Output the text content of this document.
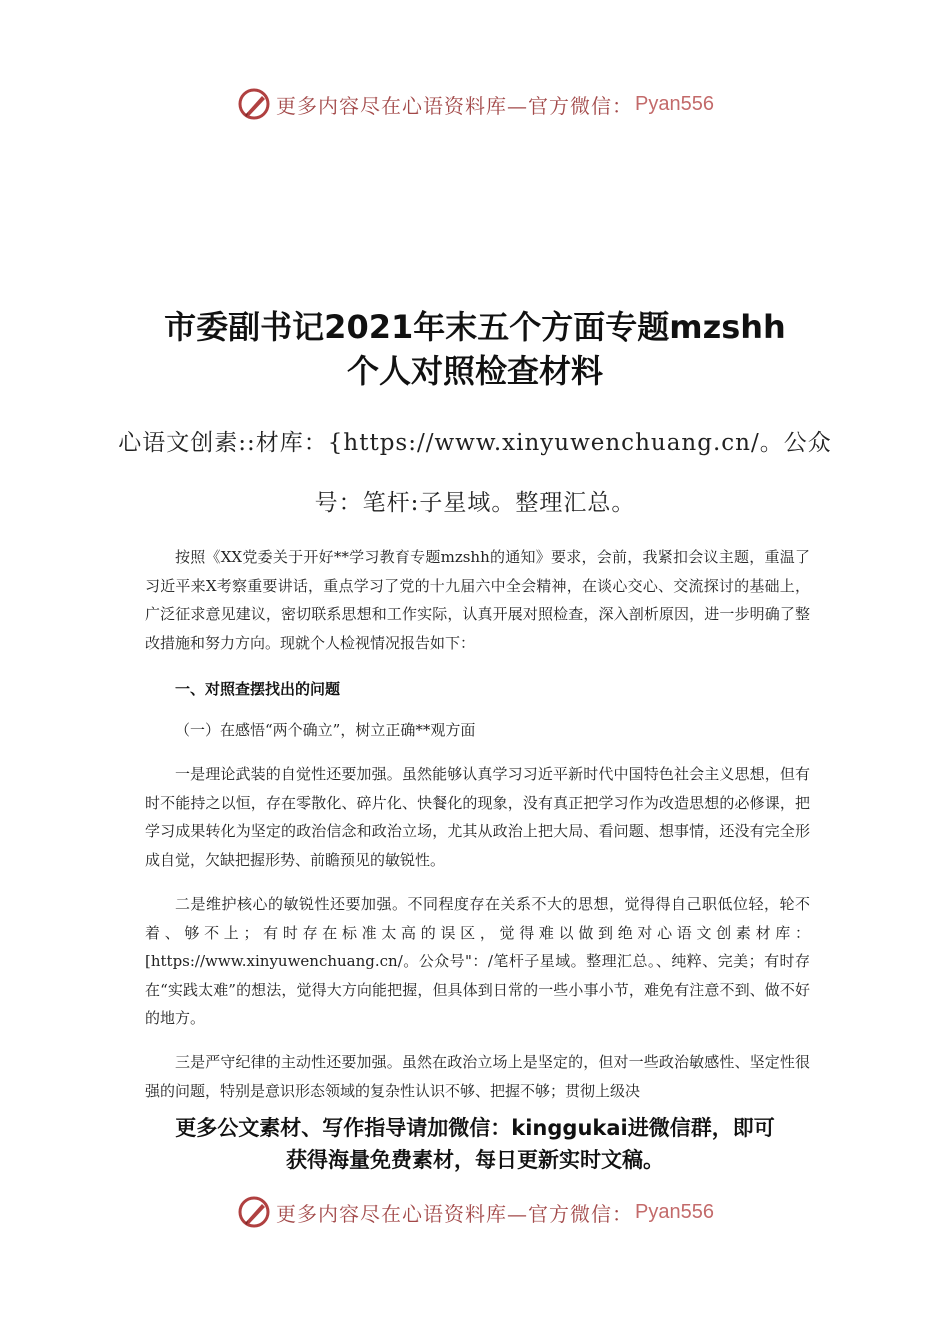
更多内容尽在心语资料库—官方微信： Pyan556
市委副书记2021年末五个方面专题mzshh
个人对照检查材料
心语文创素::材库：{https://www.xinyuwenchuang.cn/。公众
号：笔杆:子星域。整理汇总。

按照《XX党委关于开好**学习教育专题mzshh的通知》要求，会前，我紧扣会议主题，重温了习近平来X考察重要讲话，重点学习了党的十九届六中全会精神，在谈心交心、交流探讨的基础上，广泛征求意见建议，密切联系思想和工作实际，认真开展对照检查，深入剖析原因，进一步明确了整改措施和努力方向。现就个人检视情况报告如下：

一、对照查摆找出的问题

（一）在感悟“两个确立”，树立正确**观方面

一是理论武装的自觉性还要加强。虽然能够认真学习习近平新时代中国特色社会主义思想，但有时不能持之以恒，存在零散化、碎片化、快餐化的现象，没有真正把学习作为改造思想的必修课，把学习成果转化为坚定的政治信念和政治立场，尤其从政治上把大局、看问题、想事情，还没有完全形成自觉，欠缺把握形势、前瞻预见的敏锐性。

二是维护核心的敏锐性还要加强。不同程度存在关系不大的思想，觉得得自己职低位轻，轮不着、够不上；有时存在标准太高的误区，觉得难以做到绝对心语文创素材库：[https://www.xinyuwenchuang.cn/。公众号"：/笔杆子星域。整理汇总。、纯粹、完美；有时存在“实践太难”的想法，觉得大方向能把握，但具体到日常的一些小事小节，难免有注意不到、做不好的地方。

三是严守纪律的主动性还要加强。虽然在政治立场上是坚定的，但对一些政治敏感性、坚定性很强的问题，特别是意识形态领域的复杂性认识不够、把握不够；贯彻上级决

更多公文素材、写作指导请加微信：kinggukai进微信群，即可
获得海量免费素材，每日更新实时文稿。
更多内容尽在心语资料库—官方微信： Pyan556
